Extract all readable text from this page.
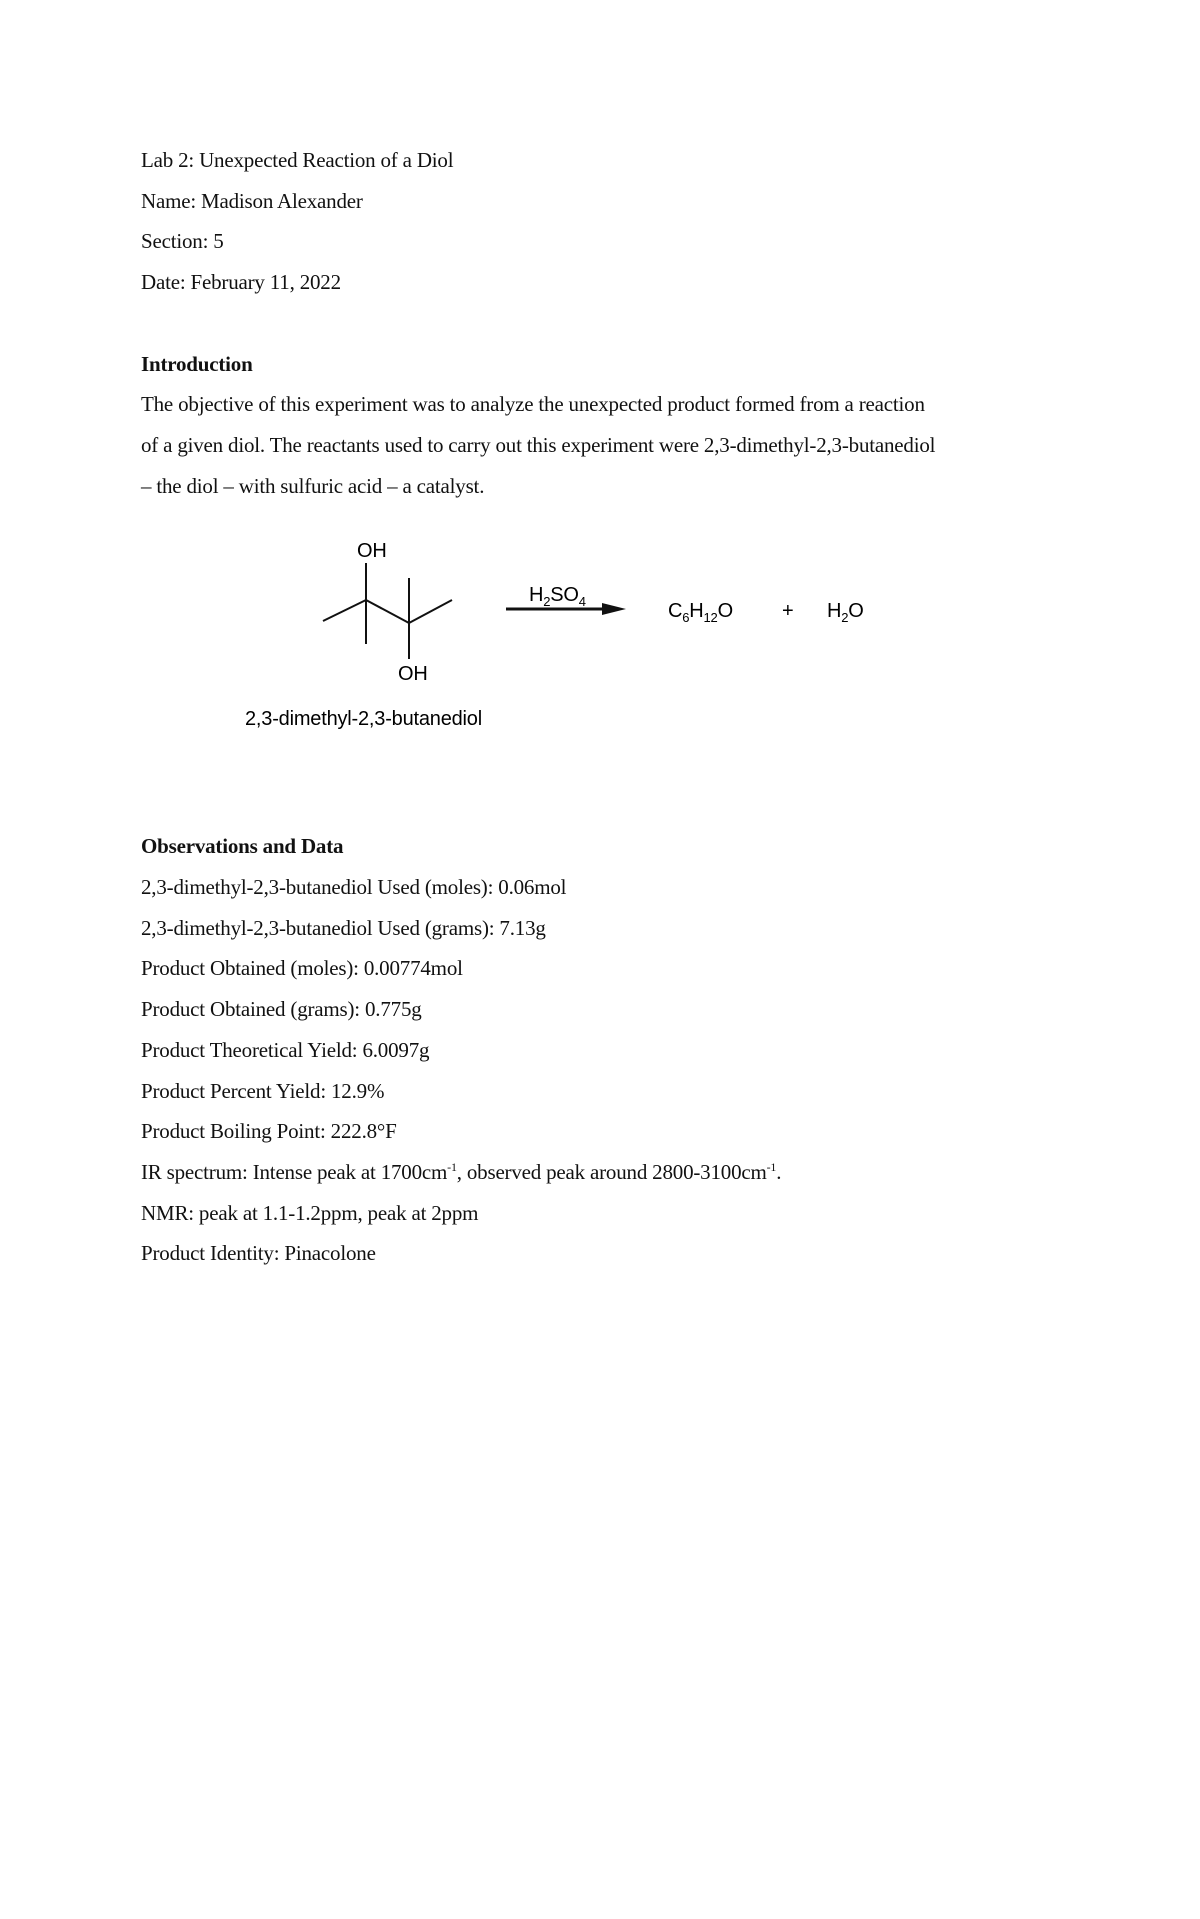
Lab 2: Unexpected Reaction of a Diol

Name: Madison Alexander

Section: 5

Date: February 11, 2022

Introduction

The objective of this experiment was to analyze the unexpected product formed from a reaction

of a given diol. The reactants used to carry out this experiment were 2,3-dimethyl-2,3-butanediol

– the diol – with sulfuric acid – a catalyst.

OH
OH
$H_2SO_4$	$C_6H_{12}O + H_2O$
2,3-dimethyl-2,3-butanediol

Observations and Data

2,3-dimethyl-2,3-butanediol Used (moles): 0.06mol

2,3-dimethyl-2,3-butanediol Used (grams): 7.13g

Product Obtained (moles): 0.00774mol

Product Obtained (grams): 0.775g

Product Theoretical Yield: 6.0097g

Product Percent Yield: 12.9%

Product Boiling Point: 222.8°F

IR spectrum: Intense peak at $1700cm^{-1}$, observed peak around $2800-3100cm^{-1}$.

NMR: peak at 1.1-1.2ppm, peak at 2ppm

Product Identity: Pinacolone
